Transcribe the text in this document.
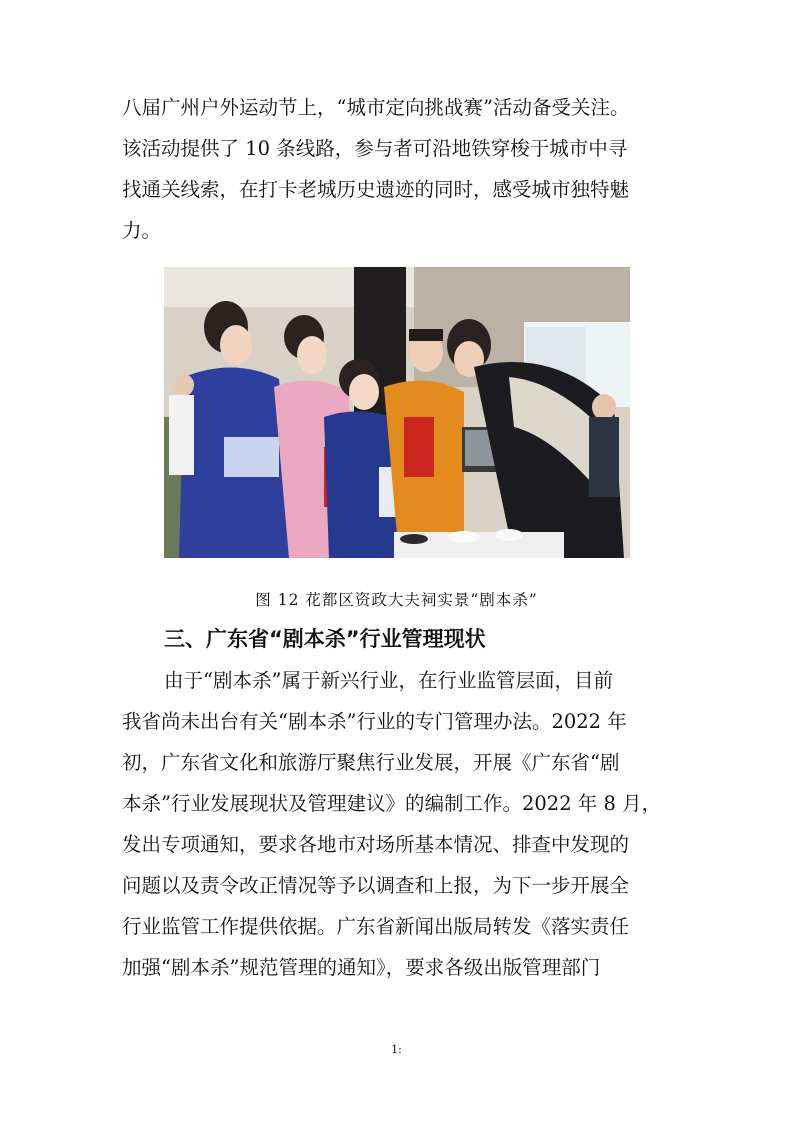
八届广州户外运动节上，“城市定向挑战赛”活动备受关注。
该活动提供了 10 条线路，参与者可沿地铁穿梭于城市中寻
找通关线索，在打卡老城历史遗迹的同时，感受城市独特魅
力。

图 12 花都区资政大夫祠实景“剧本杀”
三、广东省“剧本杀”行业管理现状

由于“剧本杀”属于新兴行业，在行业监管层面，目前
我省尚未出台有关“剧本杀”行业的专门管理办法。2022 年
初，广东省文化和旅游厅聚焦行业发展，开展《广东省“剧
本杀”行业发展现状及管理建议》的编制工作。2022 年 8 月，
发出专项通知，要求各地市对场所基本情况、排查中发现的
问题以及责令改正情况等予以调查和上报，为下一步开展全
行业监管工作提供依据。广东省新闻出版局转发《落实责任
加强“剧本杀”规范管理的通知》，要求各级出版管理部门

1:
